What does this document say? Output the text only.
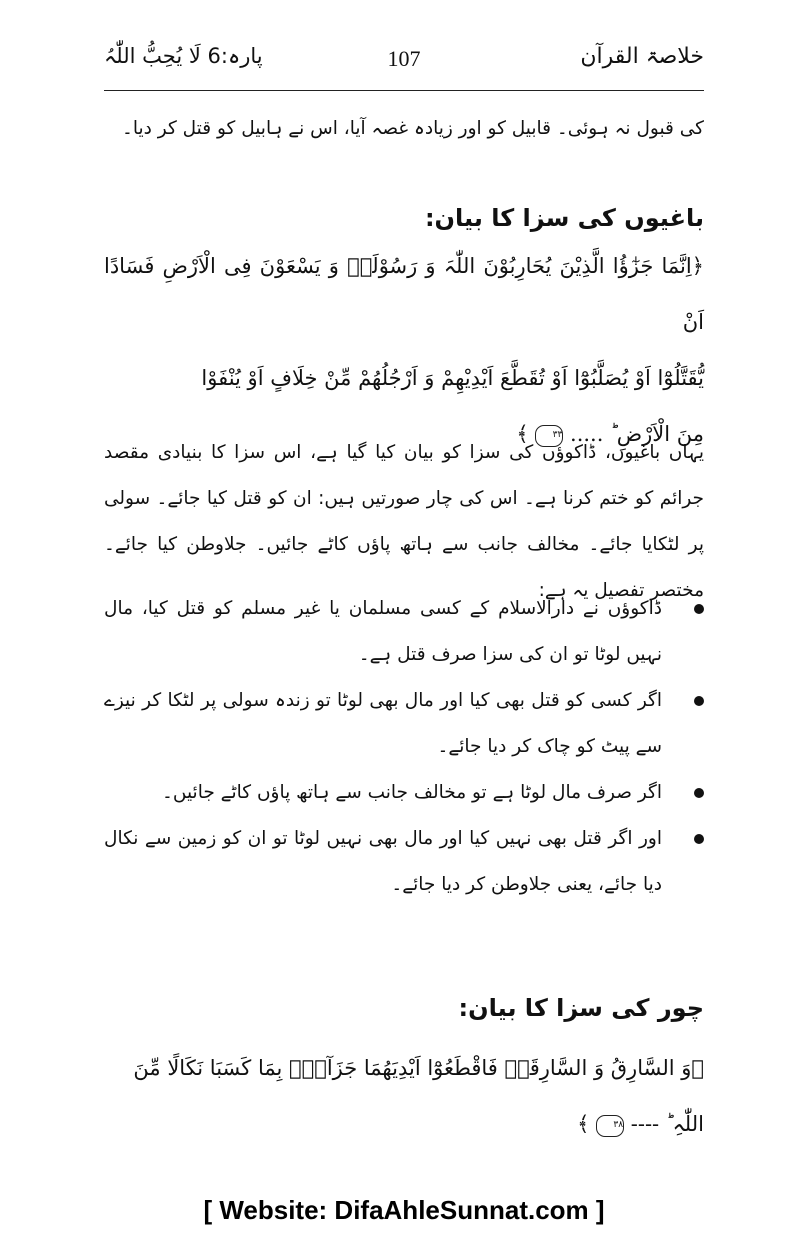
خلاصۃ القرآن
107
پارہ:6 لَا یُحِبُّ اللّٰہُ
کی قبول نہ ہوئی۔ قابیل کو اور زیادہ غصہ آیا، اس نے ہابیل کو قتل کر دیا۔
باغیوں کی سزا کا بیان:
﴿اِنَّمَا جَزٰٓؤُا الَّذِیْنَ یُحَارِبُوْنَ اللّٰہَ وَ رَسُوْلَہٗ وَ یَسْعَوْنَ فِی الْاَرْضِ فَسَادًا اَنْ
یُّقَتَّلُوْٓا اَوْ یُصَلَّبُوْٓا اَوْ تُقَطَّعَ اَیْدِیْھِمْ وَ اَرْجُلُھُمْ مِّنْ خِلَافٍ اَوْ یُنْفَوْا
مِنَ الْاَرْضِ ؕ ..... ٣٣ ﴾
یہاں باغیوں، ڈاکوؤں کی سزا کو بیان کیا گیا ہے، اس سزا کا بنیادی مقصد جرائم کو ختم کرنا ہے۔ اس کی چار صورتیں ہیں: ان کو قتل کیا جائے۔ سولی پر لٹکایا جائے۔ مخالف جانب سے ہاتھ پاؤں کاٹے جائیں۔ جلاوطن کیا جائے۔ مختصر تفصیل یہ ہے:
ڈاکوؤں نے دارالاسلام کے کسی مسلمان یا غیر مسلم کو قتل کیا، مال نہیں لوٹا تو ان کی سزا صرف قتل ہے۔
اگر کسی کو قتل بھی کیا اور مال بھی لوٹا تو زندہ سولی پر لٹکا کر نیزے سے پیٹ کو چاک کر دیا جائے۔
اگر صرف مال لوٹا ہے تو مخالف جانب سے ہاتھ پاؤں کاٹے جائیں۔
اور اگر قتل بھی نہیں کیا اور مال بھی نہیں لوٹا تو ان کو زمین سے نکال دیا جائے، یعنی جلاوطن کر دیا جائے۔
چور کی سزا کا بیان:
﴿وَ السَّارِقُ وَ السَّارِقَۃُ فَاقْطَعُوْٓا اَیْدِیَھُمَا جَزَآءًۢ بِمَا کَسَبَا نَکَالًا مِّنَ
اللّٰہِ ؕ ---- ٣٨ ﴾
[ Website: DifaAhleSunnat.com ]
